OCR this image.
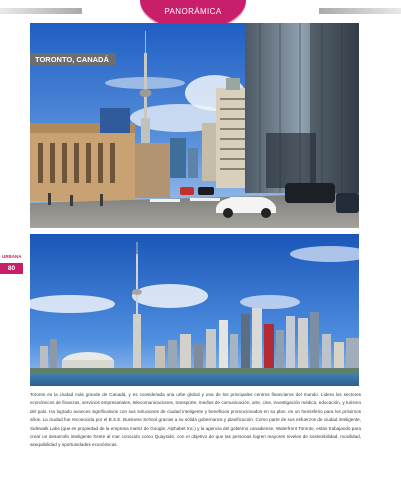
PANORÁMICA
TORONTO, CANADÁ
URBANA
80

Toronto es la ciudad más grande de Canadá, y es considerada una urbe global y una de los principales centros financieros del mundo. Lidera los sectores económicos de finanzas, servicios empresariales, telecomunicaciones, transporte, medios de comunicación, arte, cine, investigación médica, educación, y turismo del país. Ha logrado avances significativos con sus soluciones de ciudad inteligente y beneficios promocionados en su plan, en un hemisferio para los próximos años. La ciudad fue reconocida por el B.S.E. Business School gracias a su sólida gobernanza y planificación. Como parte de sus esfuerzos de ciudad inteligente, Sidewalk Labs (que es propiedad de la empresa matriz de Google, Alphabet Inc.) y la agencia del gobierno canadiense, Waterfront Toronto, están trabajando para crear un desarrollo inteligente frente al mar conocido como Quayside, con el objetivo de que las personas logren mayores niveles de sostenibilidad, movilidad, asequibilidad y oportunidades económicas.
